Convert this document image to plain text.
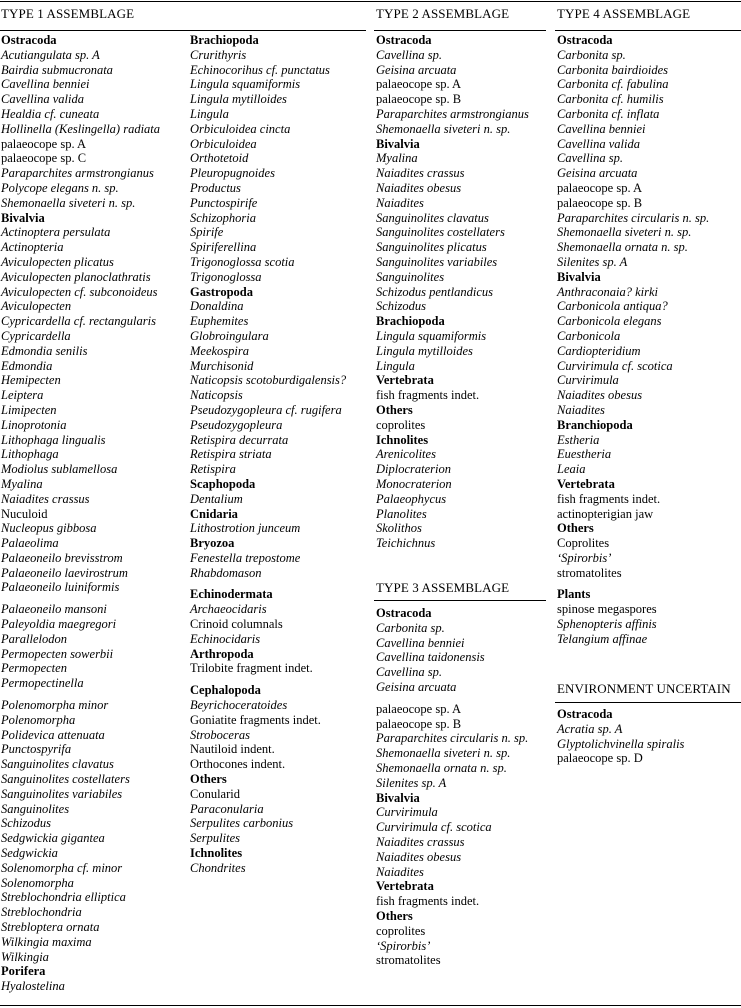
TYPE 1 ASSEMBLAGE	TYPE 2 ASSEMBLAGE	TYPE 4 ASSEMBLAGE
TYPE 3 ASSEMBLAGE
ENVIRONMENT UNCERTAIN
Ostracoda
Acutiangulata sp. A
Bairdia submucronata
Cavellina benniei
Cavellina valida
Healdia cf. cuneata
Hollinella (Keslingella) radiata
palaeocope sp. A
palaeocope sp. C
Paraparchites armstrongianus
Polycope elegans n. sp.
Shemonaella siveteri n. sp.
Bivalvia
Actinoptera persulata
Actinopteria
Aviculopecten plicatus
Aviculopecten planoclathratis
Aviculopecten cf. subconoideus
Aviculopecten
Cypricardella cf. rectangularis
Cypricardella
Edmondia senilis
Edmondia
Hemipecten
Leiptera
Limipecten
Linoprotonia
Lithophaga lingualis
Lithophaga
Modiolus sublamellosa
Myalina
Naiadites crassus
Nuculoid
Nucleopus gibbosa
Palaeolima
Palaeoneilo brevisstrom
Palaeoneilo laevirostrum
Palaeoneilo luiniformis
Palaeoneilo mansoni
Paleyoldia maegregori
Parallelodon
Permopecten sowerbii
Permopecten
Permopectinella
Polenomorpha minor
Polenomorpha
Polidevica attenuata
Punctospyrifa
Sanguinolites clavatus
Sanguinolites costellaters
Sanguinolites variabiles
Sanguinolites
Schizodus
Sedgwickia gigantea
Sedgwickia
Solenomorpha cf. minor
Solenomorpha
Streblochondria elliptica
Streblochondria
Strebloptera ornata
Wilkingia maxima
Wilkingia
Porifera
Hyalostelina
Brachiopoda
Crurithyris
Echinocorihus cf. punctatus
Lingula squamiformis
Lingula mytilloides
Lingula
Orbiculoidea cincta
Orbiculoidea
Orthotetoid
Pleuropugnoides
Productus
Punctospirife
Schizophoria
Spirife
Spiriferellina
Trigonoglossa scotia
Trigonoglossa
Gastropoda
Donaldina
Euphemites
Globroingulara
Meekospira
Murchisonid
Naticopsis scotoburdigalensis?
Naticopsis
Pseudozygopleura cf. rugifera
Pseudozygopleura
Retispira decurrata
Retispira striata
Retispira
Scaphopoda
Dentalium
Cnidaria
Lithostrotion junceum
Bryozoa
Fenestella trepostome
Rhabdomason
Echinodermata
Archaeocidaris
Crinoid columnals
Echinocidaris
Arthropoda
Trilobite fragment indet.
Cephalopoda
Beyrichoceratoides
Goniatite fragments indet.
Stroboceras
Nautiloid indent.
Orthocones indent.
Others
Conularid
Paraconularia
Serpulites carbonius
Serpulites
Ichnolites
Chondrites
Ostracoda
Cavellina sp.
Geisina arcuata
palaeocope sp. A
palaeocope sp. B
Paraparchites armstrongianus
Shemonaella siveteri n. sp.
Bivalvia
Myalina
Naiadites crassus
Naiadites obesus
Naiadites
Sanguinolites clavatus
Sanguinolites costellaters
Sanguinolites plicatus
Sanguinolites variabiles
Sanguinolites
Schizodus pentlandicus
Schizodus
Brachiopoda
Lingula squamiformis
Lingula mytilloides
Lingula
Vertebrata
fish fragments indet.
Others
coprolites
Ichnolites
Arenicolites
Diplocraterion
Monocraterion
Palaeophycus
Planolites
Skolithos
Teichichnus
Ostracoda
Carbonita sp.
Cavellina benniei
Cavellina taidonensis
Cavellina sp.
Geisina arcuata
palaeocope sp. A
palaeocope sp. B
Paraparchites circularis n. sp.
Shemonaella siveteri n. sp.
Shemonaella ornata n. sp.
Silenites sp. A
Bivalvia
Curvirimula
Curvirimula cf. scotica
Naiadites crassus
Naiadites obesus
Naiadites
Vertebrata
fish fragments indet.
Others
coprolites
‘Spirorbis’
stromatolites
Ostracoda
Carbonita sp.
Carbonita bairdioides
Carbonita cf. fabulina
Carbonita cf. humilis
Carbonita cf. inflata
Cavellina benniei
Cavellina valida
Cavellina sp.
Geisina arcuata
palaeocope sp. A
palaeocope sp. B
Paraparchites circularis n. sp.
Shemonaella siveteri n. sp.
Shemonaella ornata n. sp.
Silenites sp. A
Bivalvia
Anthraconaia? kirki
Carbonicola antiqua?
Carbonicola elegans
Carbonicola
Cardiopteridium
Curvirimula cf. scotica
Curvirimula
Naiadites obesus
Naiadites
Branchiopoda
Estheria
Euestheria
Leaia
Vertebrata
fish fragments indet.
actinopterigian jaw
Others
Coprolites
‘Spirorbis’
stromatolites
Plants
spinose megaspores
Sphenopteris affinis
Telangium affinae
Ostracoda
Acratia sp. A
Glyptolichvinella spiralis
palaeocope sp. D
